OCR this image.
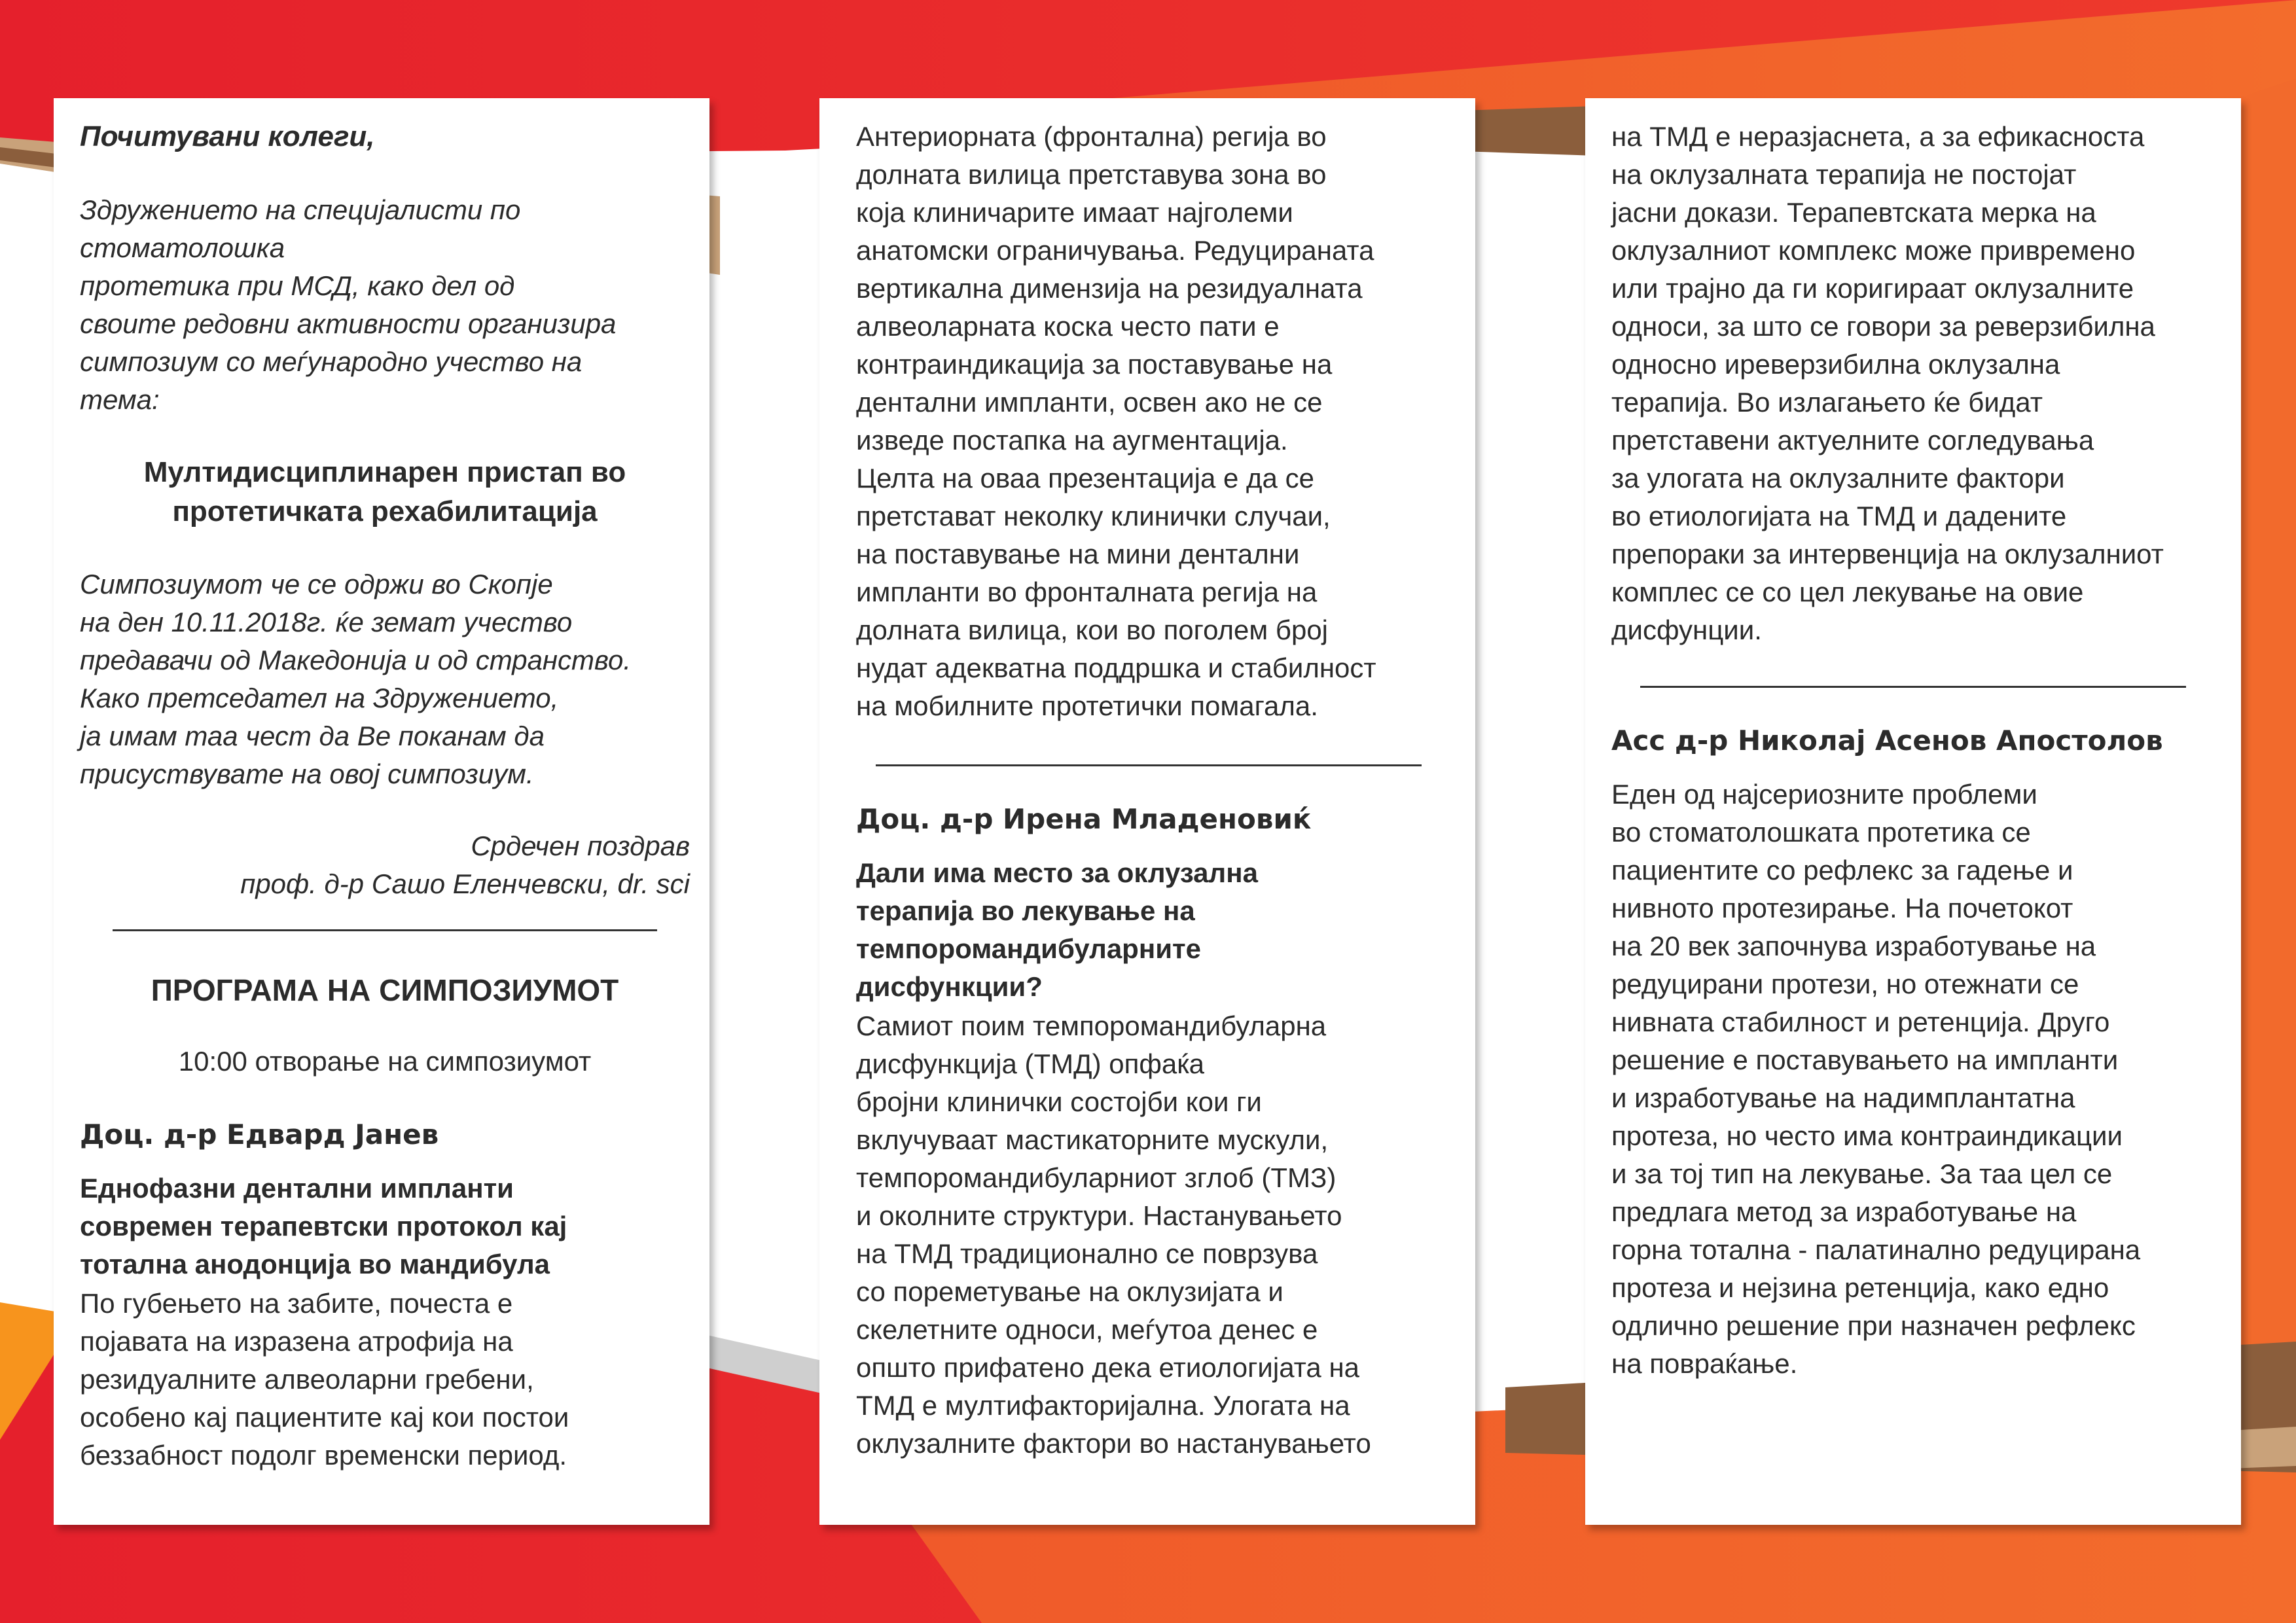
Почитувани колеги,

Здружението на специјалисти по
стоматолошка
протетика при МСД, како дел од
своите редовни активности организира
симпозиум со меѓународно учество на
тема:

Мултидисциплинарен пристап во
протетичката рехабилитација

Симпозиумот че се одржи во Скопје
на ден 10.11.2018г. ќе земат учество
предавачи од Македонија и од странство.
Како претседател на Здружението,
ја имам таа чест да Ве поканам да
присуствувате на овој симпозиум.

Срдечен поздрав
проф. д-р Сашо Еленчевски, dr. sci

ПРОГРАМА НА СИМПОЗИУМОТ

10:00 отворање на симпозиумот

Доц. д-р Едвард Јанев

Еднофазни дентални импланти
современ терапевтски протокол кај
тотална анодонција во мандибула

По губењето на забите, почеста е
појавата на изразена атрофија на
резидуалните алвеоларни гребени,
особено кај пациентите кај кои постои
беззабност подолг временски период.

Антериорната (фронтална) регија во
долната вилица претставува зона во
која клиничарите имаат најголеми
анатомски ограничувања. Редуцираната
вертикална димензија на резидуалната
алвеоларната коска често пати е
контраиндикација за поставување на
дентални импланти, освен ако не се
изведе постапка на аугментација.
Целта на оваа презентација е да се
претстават неколку клинички случаи,
на поставување на мини дентални
импланти во фронталната регија на
долната вилица, кои во поголем број
нудат адекватна поддршка и стабилност
на мобилните протетички помагала.

Доц. д-р Ирена Младеновиќ

Дали има место за оклузална
терапија во лекување на
темпоромандибуларните
дисфункции?

Самиот поим темпоромандибуларна
дисфункција (ТМД) опфаќа
бројни клинички состојби кои ги
вклучуваат мастикаторните мускули,
темпоромандибуларниот зглоб (ТМЗ)
и околните структури. Настанувањето
на ТМД традиционално се поврзува
со пореметување на оклузијата и
скелетните односи, меѓутоа денес е
општо прифатено дека етиологијата на
ТМД е мултифакторијална. Улогата на
оклузалните фактори во настанувањето

на ТМД е неразјаснета, а за ефикасноста
на оклузалната терапија не постојат
јасни докази. Терапевтската мерка на
оклузалниот комплекс може привремено
или трајно да ги коригираат оклузалните
односи, за што се говори за реверзибилна
односно иреверзибилна оклузална
терапија. Во излагањето ќе бидат
претставени актуелните согледувања
за улогата на оклузалните фактори
во етиологијата на ТМД и дадените
препораки за интервенција на оклузалниот
комплес се со цел лекување на овие
дисфунции.

Асс д-р Николај Асенов Апостолов

Еден од најсериозните проблеми
во стоматолошката протетика се
пациентите со рефлекс за гадење и
нивното протезирање. На почетокот
на 20 век започнува изработување на
редуцирани протези, но отежнати се
нивната стабилност и ретенција. Друго
решение е поставувањето на импланти
и изработување на надимплантатна
протеза, но често има контраиндикации
и за тој тип на лекување. За таа цел се
предлага метод за изработување на
горна тотална - палатинално редуцирана
протеза и нејзина ретенција, како едно
одлично решение при назначен рефлекс
на повраќање.
